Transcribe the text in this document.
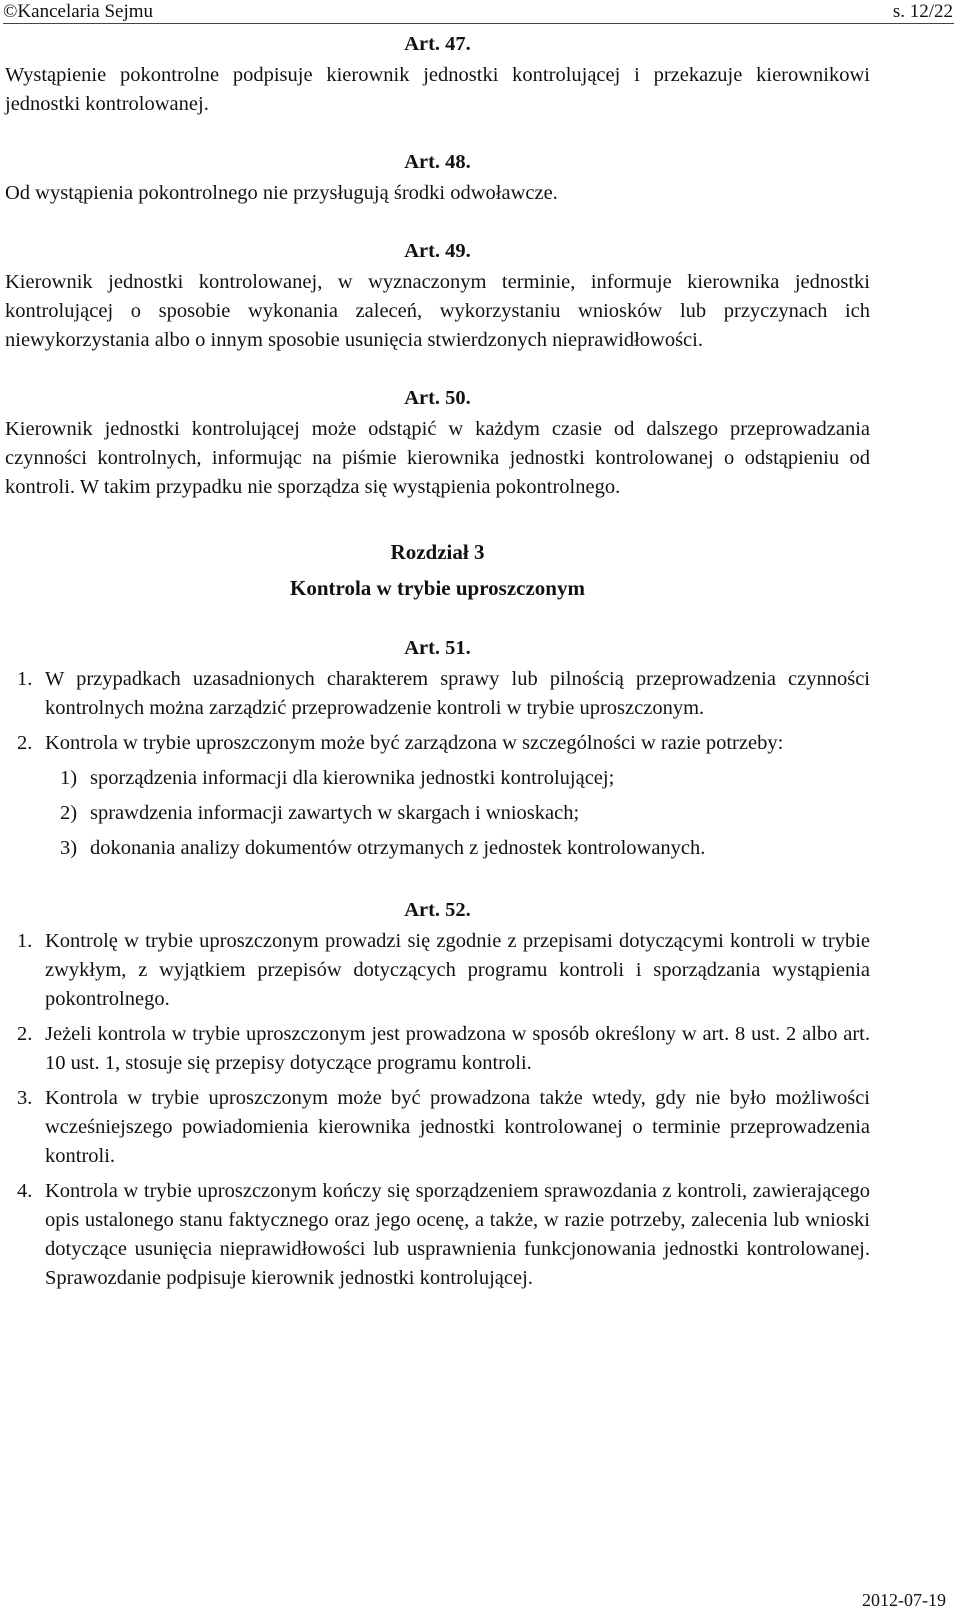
©Kancelaria Sejmu	s. 12/22
Art. 47.

Wystąpienie pokontrolne podpisuje kierownik jednostki kontrolującej i przekazuje kierownikowi jednostki kontrolowanej.

Art. 48.

Od wystąpienia pokontrolnego nie przysługują środki odwoławcze.

Art. 49.

Kierownik jednostki kontrolowanej, w wyznaczonym terminie, informuje kierownika jednostki kontrolującej o sposobie wykonania zaleceń, wykorzystaniu wniosków lub przyczynach ich niewykorzystania albo o innym sposobie usunięcia stwierdzonych nieprawidłowości.

Art. 50.

Kierownik jednostki kontrolującej może odstąpić w każdym czasie od dalszego przeprowadzania czynności kontrolnych, informując na piśmie kierownika jednostki kontrolowanej o odstąpieniu od kontroli. W takim przypadku nie sporządza się wystąpienia pokontrolnego.

Rozdział 3
Kontrola w trybie uproszczonym
Art. 51.
1. W przypadkach uzasadnionych charakterem sprawy lub pilnością przeprowadzenia czynności kontrolnych można zarządzić przeprowadzenie kontroli w trybie uproszczonym.
2. Kontrola w trybie uproszczonym może być zarządzona w szczególności w razie potrzeby:
1) sporządzenia informacji dla kierownika jednostki kontrolującej;
2) sprawdzenia informacji zawartych w skargach i wnioskach;
3) dokonania analizy dokumentów otrzymanych z jednostek kontrolowanych.
Art. 52.
1. Kontrolę w trybie uproszczonym prowadzi się zgodnie z przepisami dotyczącymi kontroli w trybie zwykłym, z wyjątkiem przepisów dotyczących programu kontroli i sporządzania wystąpienia pokontrolnego.
2. Jeżeli kontrola w trybie uproszczonym jest prowadzona w sposób określony w art. 8 ust. 2 albo art. 10 ust. 1, stosuje się przepisy dotyczące programu kontroli.
3. Kontrola w trybie uproszczonym może być prowadzona także wtedy, gdy nie było możliwości wcześniejszego powiadomienia kierownika jednostki kontrolowanej o terminie przeprowadzenia kontroli.
4. Kontrola w trybie uproszczonym kończy się sporządzeniem sprawozdania z kontroli, zawierającego opis ustalonego stanu faktycznego oraz jego ocenę, a także, w razie potrzeby, zalecenia lub wnioski dotyczące usunięcia nieprawidłowości lub usprawnienia funkcjonowania jednostki kontrolowanej. Sprawozdanie podpisuje kierownik jednostki kontrolującej.
2012-07-19
